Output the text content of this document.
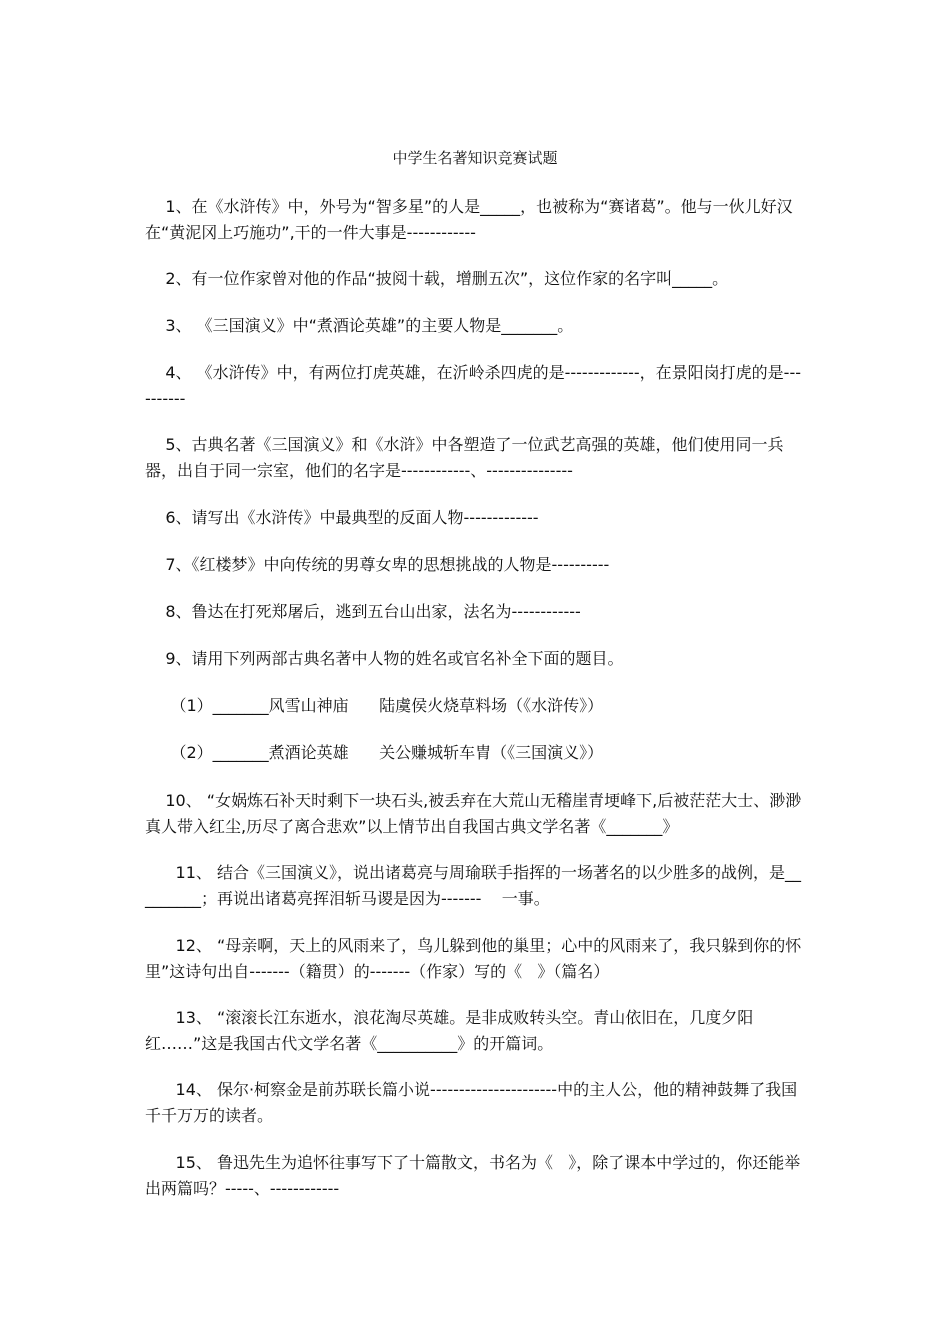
中学生名著知识竞赛试题

1、在《水浒传》中，外号为“智多星”的人是_____，也被称为“赛诸葛”。他与一伙儿好汉在“黄泥冈上巧施功”,干的一件大事是------------

2、有一位作家曾对他的作品“披阅十载，增删五次”，这位作家的名字叫_____。

3、 《三国演义》中“煮酒论英雄”的主要人物是_______。

4、 《水浒传》中，有两位打虎英雄，在沂岭杀四虎的是-------------，在景阳岗打虎的是----------

5、古典名著《三国演义》和《水浒》中各塑造了一位武艺高强的英雄，他们使用同一兵器，出自于同一宗室，他们的名字是------------、---------------

6、请写出《水浒传》中最典型的反面人物-------------

7、《红楼梦》中向传统的男尊女卑的思想挑战的人物是----------

8、鲁达在打死郑屠后，逃到五台山出家，法名为------------

9、请用下列两部古典名著中人物的姓名或官名补全下面的题目。

（1）_______风雪山神庙      陆虞侯火烧草料场（《水浒传》）

（2）_______煮酒论英雄      关公赚城斩车胄（《三国演义》）

10、 “女娲炼石补天时剩下一块石头,被丢弃在大荒山无稽崖青埂峰下,后被茫茫大士、渺渺真人带入红尘,历尽了离合悲欢”以上情节出自我国古典文学名著《_______》

11、 结合《三国演义》，说出诸葛亮与周瑜联手指挥的一场著名的以少胜多的战例，是_________；再说出诸葛亮挥泪斩马谡是因为-------    一事。

12、 “母亲啊，天上的风雨来了，鸟儿躲到他的巢里；心中的风雨来了，我只躲到你的怀里”这诗句出自-------（籍贯）的-------（作家）写的《   》（篇名）

13、 “滚滚长江东逝水，浪花淘尽英雄。是非成败转头空。青山依旧在，几度夕阳红……”这是我国古代文学名著《__________》的开篇词。

14、 保尔·柯察金是前苏联长篇小说----------------------中的主人公，他的精神鼓舞了我国千千万万的读者。

15、 鲁迅先生为追怀往事写下了十篇散文，书名为《   》，除了课本中学过的，你还能举出两篇吗？-----、------------
